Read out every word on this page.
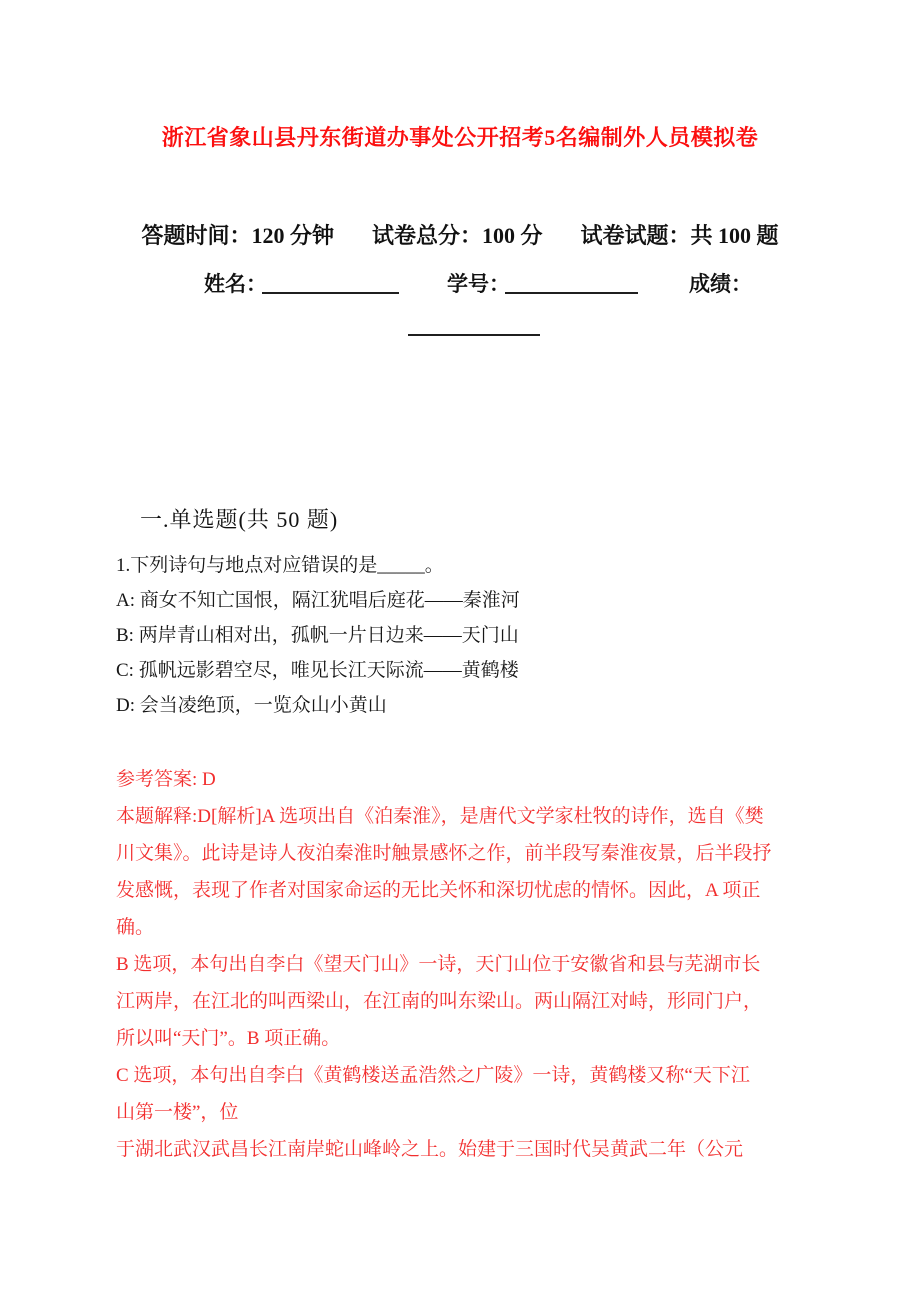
浙江省象山县丹东街道办事处公开招考5名编制外人员模拟卷
答题时间：120 分钟 试卷总分：100 分 试卷试题：共 100 题
姓名：	学号：	成绩：
一.单选题(共 50 题)
1.下列诗句与地点对应错误的是_____。
A: 商女不知亡国恨，隔江犹唱后庭花——秦淮河
B: 两岸青山相对出，孤帆一片日边来——天门山
C: 孤帆远影碧空尽，唯见长江天际流——黄鹤楼
D: 会当凌绝顶，一览众山小黄山
参考答案: D
本题解释:D[解析]A 选项出自《泊秦淮》，是唐代文学家杜牧的诗作，选自《樊
川文集》。此诗是诗人夜泊秦淮时触景感怀之作，前半段写秦淮夜景，后半段抒
发感慨，表现了作者对国家命运的无比关怀和深切忧虑的情怀。因此，A 项正
确。
B 选项，本句出自李白《望天门山》一诗，天门山位于安徽省和县与芜湖市长
江两岸，在江北的叫西梁山，在江南的叫东梁山。两山隔江对峙，形同门户，
所以叫“天门”。B 项正确。
C 选项，本句出自李白《黄鹤楼送孟浩然之广陵》一诗，黄鹤楼又称“天下江
山第一楼”，位
于湖北武汉武昌长江南岸蛇山峰岭之上。始建于三国时代吴黄武二年（公元
